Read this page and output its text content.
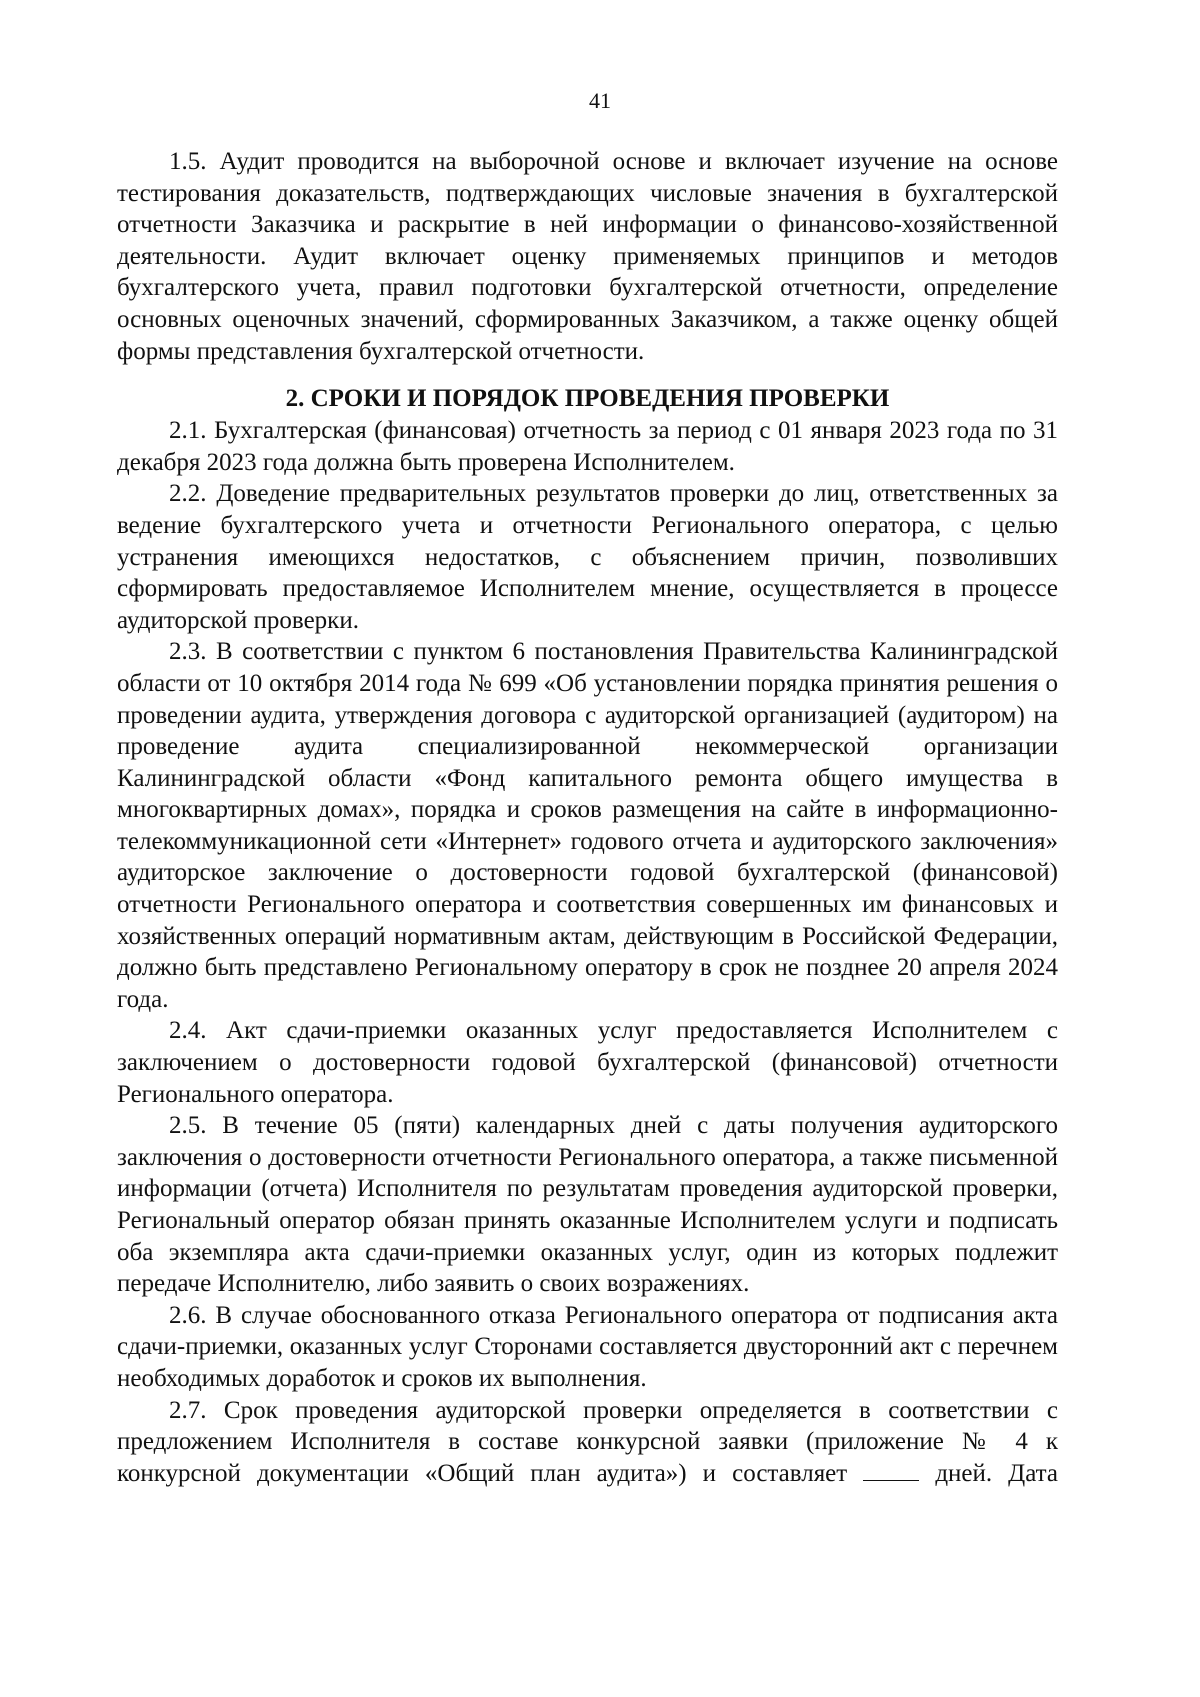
41

1.5. Аудит проводится на выборочной основе и включает изучение на основе тестирования доказательств, подтверждающих числовые значения в бухгалтерской отчетности Заказчика и раскрытие в ней информации о финансово-хозяйственной деятельности. Аудит включает оценку применяемых принципов и методов бухгалтерского учета, правил подготовки бухгалтерской отчетности, определение основных оценочных значений, сформированных Заказчиком, а также оценку общей формы представления бухгалтерской отчетности.

2. СРОКИ И ПОРЯДОК ПРОВЕДЕНИЯ ПРОВЕРКИ

2.1. Бухгалтерская (финансовая) отчетность за период с 01 января 2023 года по 31 декабря 2023 года должна быть проверена Исполнителем.

2.2. Доведение предварительных результатов проверки до лиц, ответственных за ведение бухгалтерского учета и отчетности Регионального оператора, с целью устранения имеющихся недостатков, с объяснением причин, позволивших сформировать предоставляемое Исполнителем мнение, осуществляется в процессе аудиторской проверки.

2.3. В соответствии с пунктом 6 постановления Правительства Калининградской области от 10 октября 2014 года № 699 «Об установлении порядка принятия решения о проведении аудита, утверждения договора с аудиторской организацией (аудитором) на проведение аудита специализированной некоммерческой организации Калининградской области «Фонд капитального ремонта общего имущества в многоквартирных домах», порядка и сроков размещения на сайте в информационно-телекоммуникационной сети «Интернет» годового отчета и аудиторского заключения» аудиторское заключение о достоверности годовой бухгалтерской (финансовой) отчетности Регионального оператора и соответствия совершенных им финансовых и хозяйственных операций нормативным актам, действующим в Российской Федерации, должно быть представлено Региональному оператору в срок не позднее 20 апреля 2024 года.

2.4. Акт сдачи-приемки оказанных услуг предоставляется Исполнителем с заключением о достоверности годовой бухгалтерской (финансовой) отчетности Регионального оператора.

2.5. В течение 05 (пяти) календарных дней с даты получения аудиторского заключения о достоверности отчетности Регионального оператора, а также письменной информации (отчета) Исполнителя по результатам проведения аудиторской проверки, Региональный оператор обязан принять оказанные Исполнителем услуги и подписать оба экземпляра акта сдачи-приемки оказанных услуг, один из которых подлежит передаче Исполнителю, либо заявить о своих возражениях.

2.6. В случае обоснованного отказа Регионального оператора от подписания акта сдачи-приемки, оказанных услуг Сторонами составляется двусторонний акт с перечнем необходимых доработок и сроков их выполнения.

2.7. Срок проведения аудиторской проверки определяется в соответствии с предложением Исполнителя в составе конкурсной заявки (приложение № 4 к конкурсной документации «Общий план аудита») и составляет	дней. Дата
